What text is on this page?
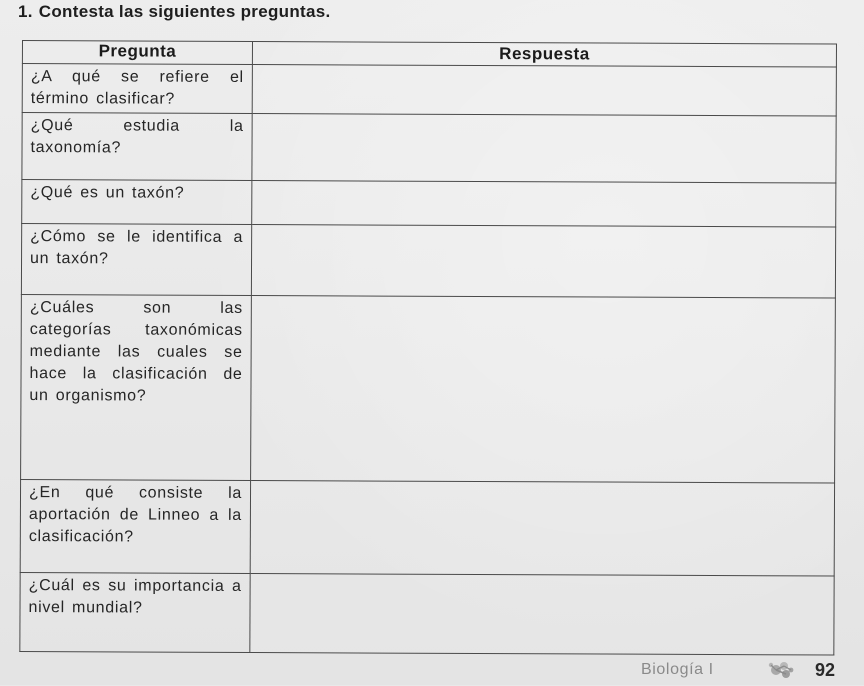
1. Contesta las siguientes preguntas.
Pregunta	Respuesta
¿A qué se refiere el término clasificar?	
¿Qué estudia la taxonomía?	
¿Qué es un taxón?	
¿Cómo se le identifica a un taxón?	
¿Cuáles son las categorías taxonómicas mediante las cuales se hace la clasificación de un organismo?	
¿En qué consiste la aportación de Linneo a la clasificación?	
¿Cuál es su importancia a nivel mundial?	
Biología I	92
